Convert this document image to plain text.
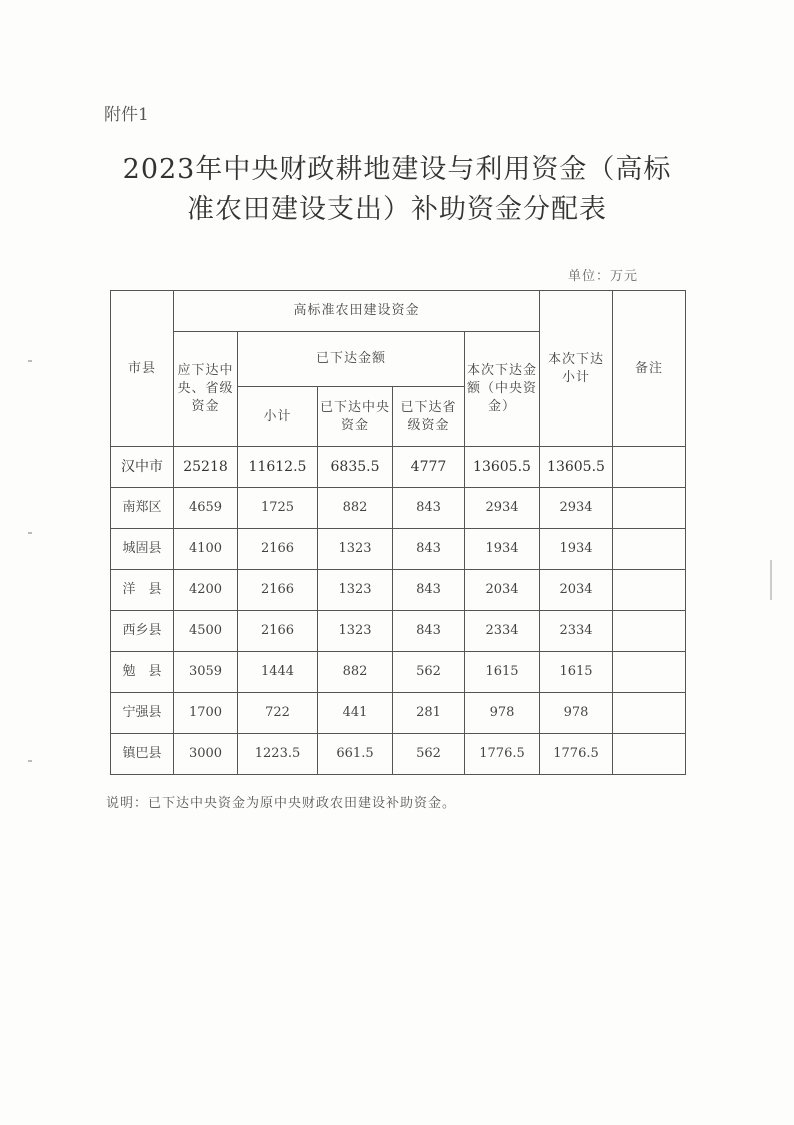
附件1
2023年中央财政耕地建设与利用资金（高标
准农田建设支出）补助资金分配表
单位：万元
市县	高标准农田建设资金					本次下达小计	备注
	应下达中央、省级资金	已下达金额			本次下达金额（中央资金）		
		小计	已下达中央资金	已下达省级资金			
汉中市	25218	11612.5	6835.5	4777	13605.5	13605.5	
南郑区	4659	1725	882	843	2934	2934	
城固县	4100	2166	1323	843	1934	1934	
洋　县	4200	2166	1323	843	2034	2034	
西乡县	4500	2166	1323	843	2334	2334	
勉　县	3059	1444	882	562	1615	1615	
宁强县	1700	722	441	281	978	978	
镇巴县	3000	1223.5	661.5	562	1776.5	1776.5	
说明：已下达中央资金为原中央财政农田建设补助资金。
